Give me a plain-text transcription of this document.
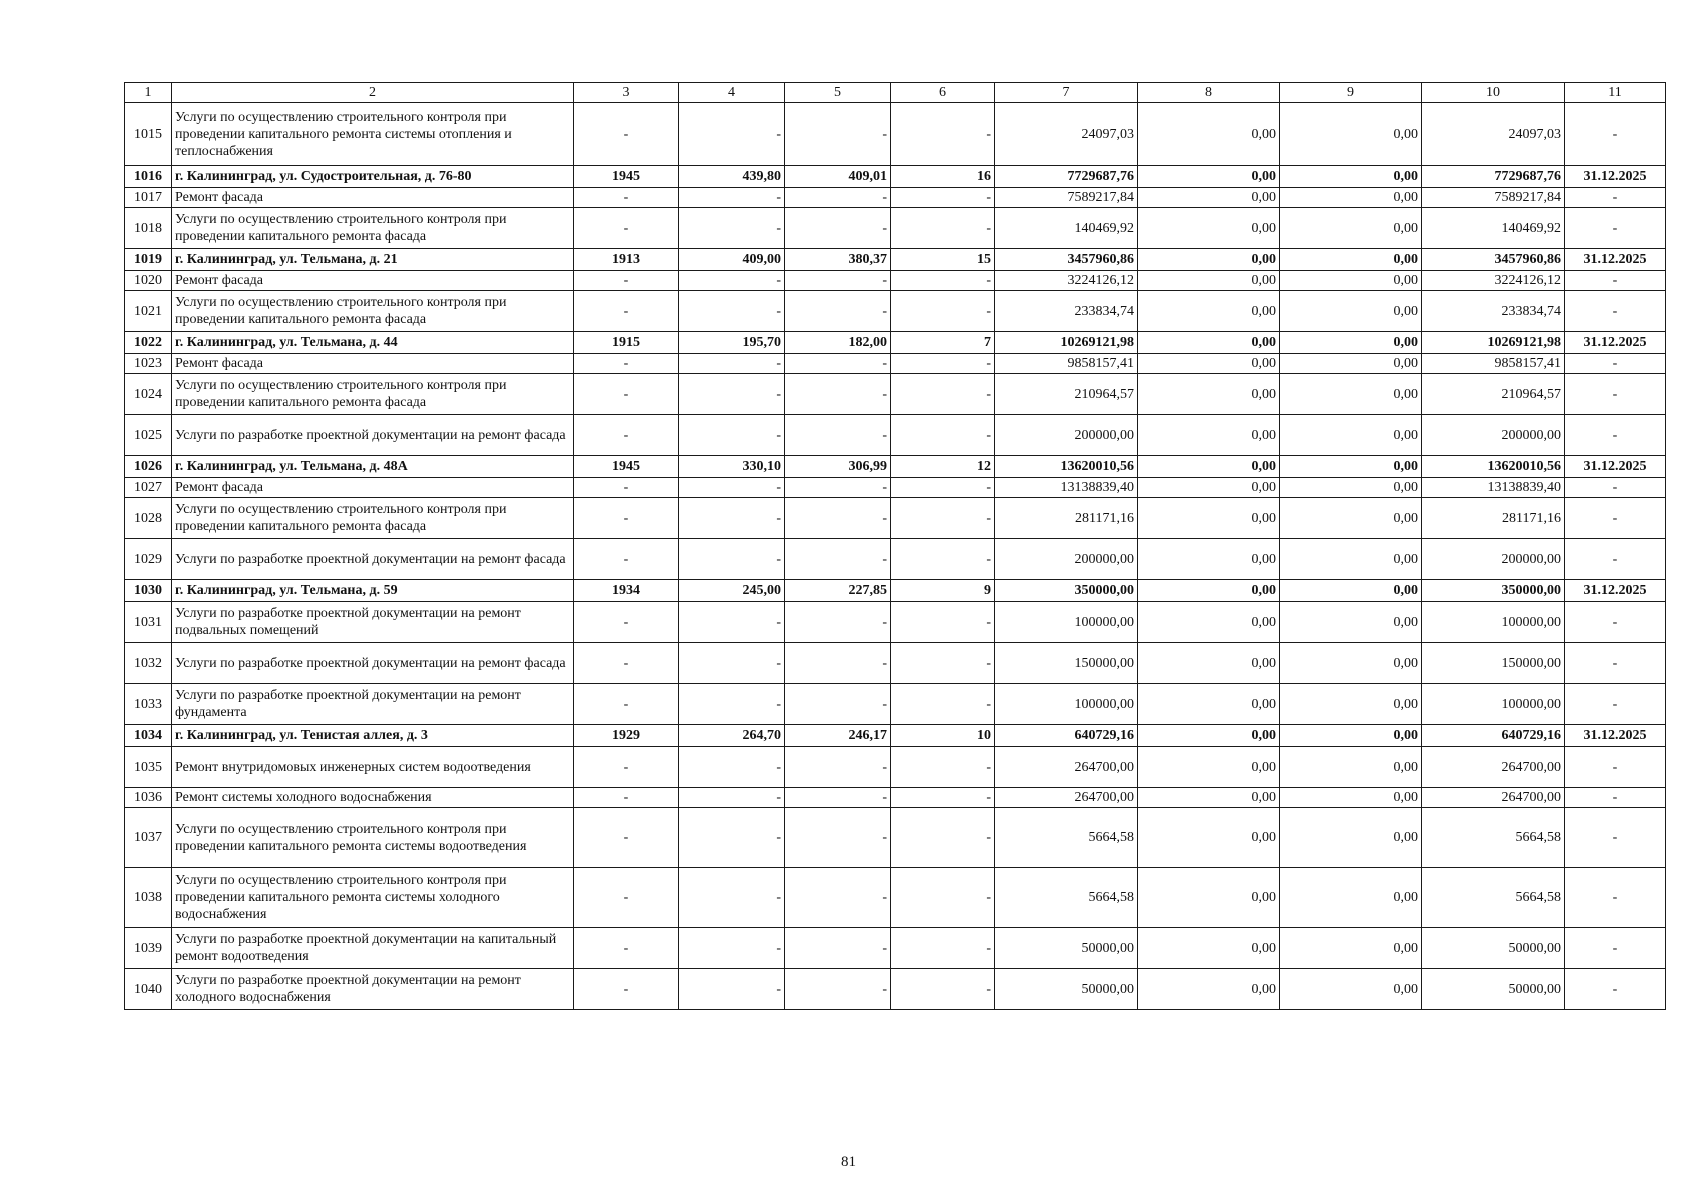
1	2	3	4	5	6	7	8	9	10	11
1015	Услуги по осуществлению строительного контроля при проведении капитального ремонта системы отопления и теплоснабжения	-	-	-	-	24097,03	0,00	0,00	24097,03	-
1016	г. Калининград, ул. Судостроительная, д. 76-80	1945	439,80	409,01	16	7729687,76	0,00	0,00	7729687,76	31.12.2025
1017	Ремонт фасада	-	-	-	-	7589217,84	0,00	0,00	7589217,84	-
1018	Услуги по осуществлению строительного контроля при проведении капитального ремонта фасада	-	-	-	-	140469,92	0,00	0,00	140469,92	-
1019	г. Калининград, ул. Тельмана, д. 21	1913	409,00	380,37	15	3457960,86	0,00	0,00	3457960,86	31.12.2025
1020	Ремонт фасада	-	-	-	-	3224126,12	0,00	0,00	3224126,12	-
1021	Услуги по осуществлению строительного контроля при проведении капитального ремонта фасада	-	-	-	-	233834,74	0,00	0,00	233834,74	-
1022	г. Калининград, ул. Тельмана, д. 44	1915	195,70	182,00	7	10269121,98	0,00	0,00	10269121,98	31.12.2025
1023	Ремонт фасада	-	-	-	-	9858157,41	0,00	0,00	9858157,41	-
1024	Услуги по осуществлению строительного контроля при проведении капитального ремонта фасада	-	-	-	-	210964,57	0,00	0,00	210964,57	-
1025	Услуги по разработке проектной документации на ремонт фасада	-	-	-	-	200000,00	0,00	0,00	200000,00	-
1026	г. Калининград, ул. Тельмана, д. 48А	1945	330,10	306,99	12	13620010,56	0,00	0,00	13620010,56	31.12.2025
1027	Ремонт фасада	-	-	-	-	13138839,40	0,00	0,00	13138839,40	-
1028	Услуги по осуществлению строительного контроля при проведении капитального ремонта фасада	-	-	-	-	281171,16	0,00	0,00	281171,16	-
1029	Услуги по разработке проектной документации на ремонт фасада	-	-	-	-	200000,00	0,00	0,00	200000,00	-
1030	г. Калининград, ул. Тельмана, д. 59	1934	245,00	227,85	9	350000,00	0,00	0,00	350000,00	31.12.2025
1031	Услуги по разработке проектной документации на ремонт подвальных помещений	-	-	-	-	100000,00	0,00	0,00	100000,00	-
1032	Услуги по разработке проектной документации на ремонт фасада	-	-	-	-	150000,00	0,00	0,00	150000,00	-
1033	Услуги по разработке проектной документации на ремонт фундамента	-	-	-	-	100000,00	0,00	0,00	100000,00	-
1034	г. Калининград, ул. Тенистая аллея, д. 3	1929	264,70	246,17	10	640729,16	0,00	0,00	640729,16	31.12.2025
1035	Ремонт внутридомовых инженерных систем водоотведения	-	-	-	-	264700,00	0,00	0,00	264700,00	-
1036	Ремонт системы холодного водоснабжения	-	-	-	-	264700,00	0,00	0,00	264700,00	-
1037	Услуги по осуществлению строительного контроля при проведении капитального ремонта системы водоотведения	-	-	-	-	5664,58	0,00	0,00	5664,58	-
1038	Услуги по осуществлению строительного контроля при проведении капитального ремонта системы холодного водоснабжения	-	-	-	-	5664,58	0,00	0,00	5664,58	-
1039	Услуги по разработке проектной документации на капитальный ремонт водоотведения	-	-	-	-	50000,00	0,00	0,00	50000,00	-
1040	Услуги по разработке проектной документации на ремонт холодного водоснабжения	-	-	-	-	50000,00	0,00	0,00	50000,00	-
81
